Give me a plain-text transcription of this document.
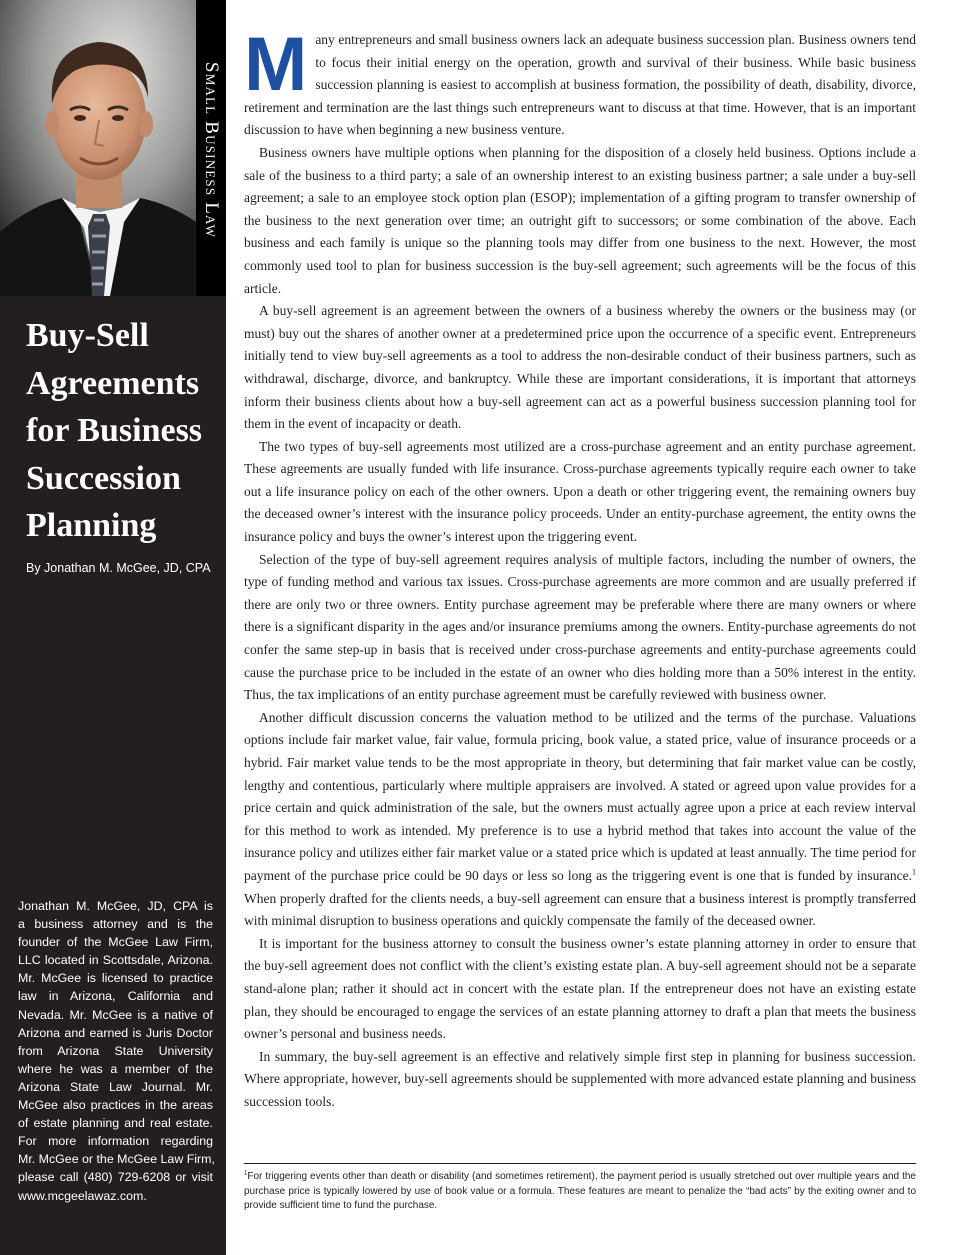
Small Business Law
Buy-Sell
Agreements
for Business
Succession
Planning
By Jonathan M. McGee, JD, CPA
Jonathan M. McGee, JD, CPA is
a business attorney and is the
founder of the McGee Law Firm,
LLC located in Scottsdale, Arizona.
Mr. McGee is licensed to practice
law in Arizona, California and
Nevada. Mr. McGee is a native of
Arizona and earned is Juris Doctor
from Arizona State University
where he was a member of the
Arizona State Law Journal. Mr.
McGee also practices in the areas
of estate planning and real estate.
For more information regarding
Mr. McGee or the McGee Law Firm,
please call (480) 729-6208 or visit
www.mcgeelawaz.com.

Many entrepreneurs and small business owners lack an adequate business succession plan. Business owners tend to focus their initial energy on the operation, growth and survival of their business. While basic business succession planning is easiest to accomplish at business formation, the possibility of death, disability, divorce, retirement and termination are the last things such entrepreneurs want to discuss at that time. However, that is an important discussion to have when beginning a new business venture.

Business owners have multiple options when planning for the disposition of a closely held business. Options include a sale of the business to a third party; a sale of an ownership interest to an existing business partner; a sale under a buy-sell agreement; a sale to an employee stock option plan (ESOP); implementation of a gifting program to transfer ownership of the business to the next generation over time; an outright gift to successors; or some combination of the above. Each business and each family is unique so the planning tools may differ from one business to the next. However, the most commonly used tool to plan for business succession is the buy-sell agreement; such agreements will be the focus of this article.

A buy-sell agreement is an agreement between the owners of a business whereby the owners or the business may (or must) buy out the shares of another owner at a predetermined price upon the occurrence of a specific event. Entrepreneurs initially tend to view buy-sell agreements as a tool to address the non-desirable conduct of their business partners, such as withdrawal, discharge, divorce, and bankruptcy. While these are important considerations, it is important that attorneys inform their business clients about how a buy-sell agreement can act as a powerful business succession planning tool for them in the event of incapacity or death.

The two types of buy-sell agreements most utilized are a cross-purchase agreement and an entity purchase agreement. These agreements are usually funded with life insurance. Cross-purchase agreements typically require each owner to take out a life insurance policy on each of the other owners. Upon a death or other triggering event, the remaining owners buy the deceased owner’s interest with the insurance policy proceeds. Under an entity-purchase agreement, the entity owns the insurance policy and buys the owner’s interest upon the triggering event.

Selection of the type of buy-sell agreement requires analysis of multiple factors, including the number of owners, the type of funding method and various tax issues. Cross-purchase agreements are more common and are usually preferred if there are only two or three owners. Entity purchase agreement may be preferable where there are many owners or where there is a significant disparity in the ages and/or insurance premiums among the owners. Entity-purchase agreements do not confer the same step-up in basis that is received under cross-purchase agreements and entity-purchase agreements could cause the purchase price to be included in the estate of an owner who dies holding more than a 50% interest in the entity. Thus, the tax implications of an entity purchase agreement must be carefully reviewed with business owner.

Another difficult discussion concerns the valuation method to be utilized and the terms of the purchase. Valuations options include fair market value, fair value, formula pricing, book value, a stated price, value of insurance proceeds or a hybrid. Fair market value tends to be the most appropriate in theory, but determining that fair market value can be costly, lengthy and contentious, particularly where multiple appraisers are involved. A stated or agreed upon value provides for a price certain and quick administration of the sale, but the owners must actually agree upon a price at each review interval for this method to work as intended. My preference is to use a hybrid method that takes into account the value of the insurance policy and utilizes either fair market value or a stated price which is updated at least annually. The time period for payment of the purchase price could be 90 days or less so long as the triggering event is one that is funded by insurance.$^1$ When properly drafted for the clients needs, a buy-sell agreement can ensure that a business interest is promptly transferred with minimal disruption to business operations and quickly compensate the family of the deceased owner.

It is important for the business attorney to consult the business owner’s estate planning attorney in order to ensure that the buy-sell agreement does not conflict with the client’s existing estate plan. A buy-sell agreement should not be a separate stand-alone plan; rather it should act in concert with the estate plan. If the entrepreneur does not have an existing estate plan, they should be encouraged to engage the services of an estate planning attorney to draft a plan that meets the business owner’s personal and business needs.

In summary, the buy-sell agreement is an effective and relatively simple first step in planning for business succession. Where appropriate, however, buy-sell agreements should be supplemented with more advanced estate planning and business succession tools.

$^1$For triggering events other than death or disability (and sometimes retirement), the payment period is usually stretched out over multiple years and the purchase price is typically lowered by use of book value or a formula. These features are meant to penalize the “bad acts” by the exiting owner and to provide sufficient time to fund the purchase.
